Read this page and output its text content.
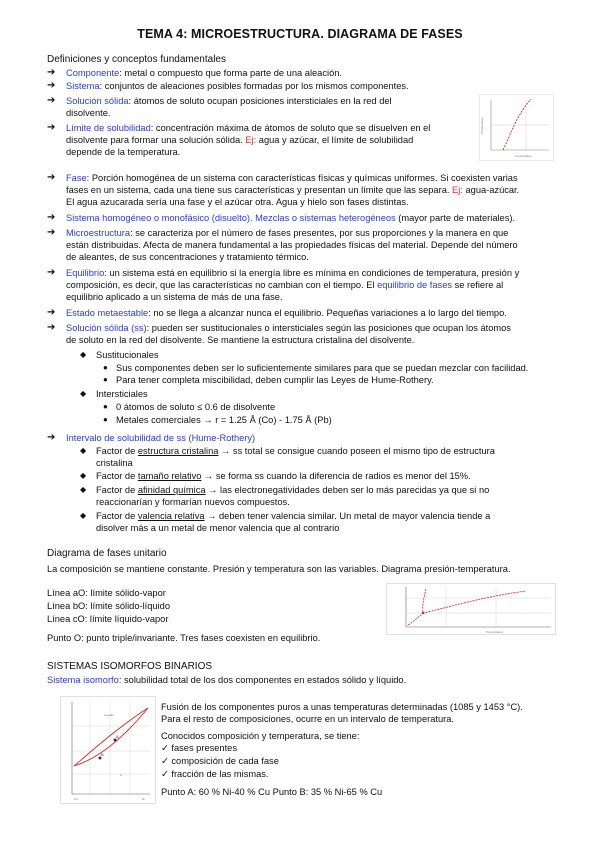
TEMA 4: MICROESTRUCTURA. DIAGRAMA DE FASES
Definiciones y conceptos fundamentales
➔ Componente: metal o compuesto que forma parte de una aleación.
➔ Sistema: conjuntos de aleaciones posibles formadas por los mismos componentes.
➔ Solución sólida: átomos de soluto ocupan posiciones intersticiales en la red del
disolvente.
➔ Límite de solubilidad: concentración máxima de átomos de soluto que se disuelven en el
disolvente para formar una solución sólida. Ej: agua y azúcar, el límite de solubilidad
depende de la temperatura.	Composition
Temperature
➔ Fase: Porción homogénea de un sistema con características físicas y químicas uniformes. Si coexisten varias
fases en un sistema, cada una tiene sus características y presentan un límite que las separa. Ej: agua-azúcar.
El agua azucarada sería una fase y el azúcar otra. Agua y hielo son fases distintas.
➔ Sistema homogéneo o monofásico (disuelto). Mezclas o sistemas heterogéneos (mayor parte de materiales).
➔ Microestructura: se caracteriza por el número de fases presentes, por sus proporciones y la manera en que
están distribuidas. Afecta de manera fundamental a las propiedades físicas del material. Depende del número
de aleantes, de sus concentraciones y tratamiento térmico.
➔ Equilibrio: un sistema está en equilibrio si la energía libre es mínima en condiciones de temperatura, presión y
composición, es decir, que las características no cambian con el tiempo. El equilibrio de fases se refiere al
equilibrio aplicado a un sistema de más de una fase.
➔ Estado metaestable: no se llega a alcanzar nunca el equilibrio. Pequeñas variaciones a lo largo del tiempo.
➔ Solución sólida (ss): pueden ser sustitucionales o intersticiales según las posiciones que ocupan los átomos
de soluto en la red del disolvente. Se mantiene la estructura cristalina del disolvente.
◆ Sustitucionales
● Sus componentes deben ser lo suficientemente similares para que se puedan mezclar con facilidad.
● Para tener completa miscibilidad, deben cumplir las Leyes de Hume-Rothery.
◆ Intersticiales
● 0 átomos de soluto ≤ 0.6 de disolvente
● Metales comerciales → r = 1.25 Å (Co) - 1.75 Å (Pb)
➔ Intervalo de solubilidad de ss (Hume-Rothery)
◆ Factor de estructura cristalina → ss total se consigue cuando poseen el mismo tipo de estructura
cristalina
◆ Factor de tamaño relativo → se forma ss cuando la diferencia de radios es menor del 15%.
◆ Factor de afinidad química → las electronegatividades deben ser lo más parecidas ya que si no
reaccionarían y formarían nuevos compuestos.
◆ Factor de valencia relativa → deben tener valencia similar. Un metal de mayor valencia tiende a
disolver más a un metal de menor valencia que al contrario
Diagrama de fases unitario
La composición se mantiene constante. Presión y temperatura son las variables. Diagrama presión-temperatura.
Línea aO: límite sólido-vapor
Línea bO: límite sólido-líquido
Línea cO: límite líquido-vapor
Punto O: punto triple/invariante. Tres fases coexisten en equilibrio.
Temperature
SISTEMAS ISOMORFOS BINARIOS
Sistema isomorfo: solubilidad total de los dos componentes en estados sólido y líquido.
A
B
Líquido
α
Cu	Ni
Fusión de los componentes puros a unas temperaturas determinadas (1085 y 1453 °C).
Para el resto de composiciones, ocurre en un intervalo de temperatura.
Conocidos composición y temperatura, se tiene:
✓ fases presentes
✓ composición de cada fase
✓ fracción de las mismas.
Punto A: 60 % Ni-40 % Cu Punto B: 35 % Ni-65 % Cu
